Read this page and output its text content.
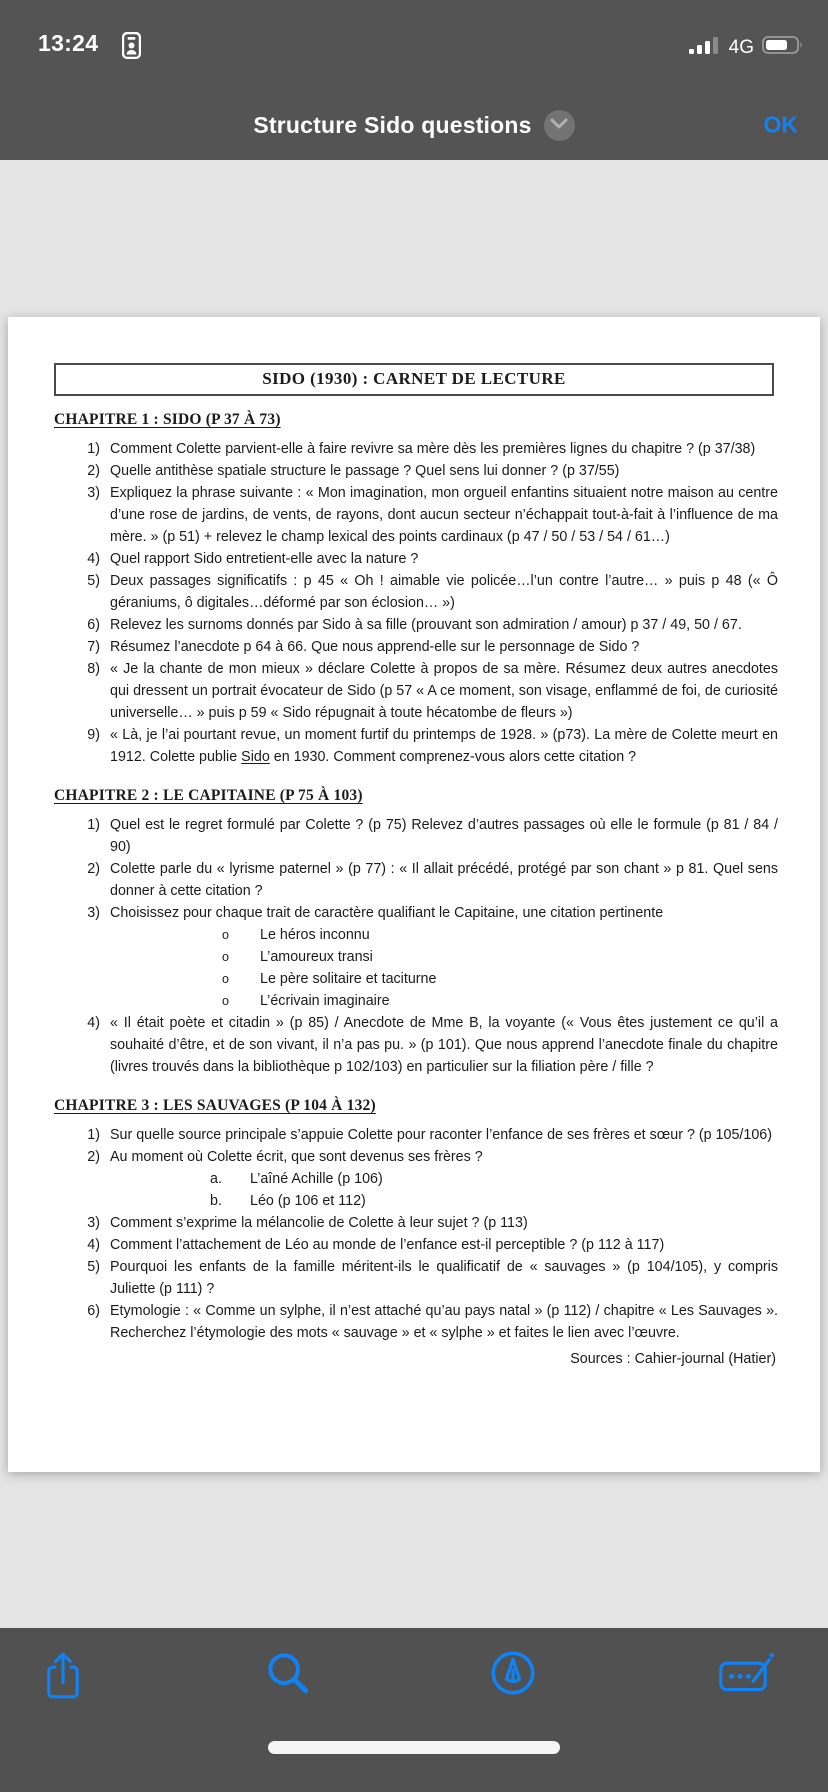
13:24	4G
Structure Sido questions	OK
SIDO (1930) : CARNET DE LECTURE
CHAPITRE 1 : SIDO (P 37 À 73)
1) Comment Colette parvient-elle à faire revivre sa mère dès les premières lignes du chapitre ? (p 37/38)
2) Quelle antithèse spatiale structure le passage ? Quel sens lui donner ? (p 37/55)
3) Expliquez la phrase suivante : « Mon imagination, mon orgueil enfantins situaient notre maison au centre d’une rose de jardins, de vents, de rayons, dont aucun secteur n’échappait tout-à-fait à l’influence de ma mère. » (p 51) + relevez le champ lexical des points cardinaux (p 47 / 50 / 53 / 54 / 61…)
4) Quel rapport Sido entretient-elle avec la nature ?
5) Deux passages significatifs : p 45 « Oh ! aimable vie policée…l’un contre l’autre… » puis p 48 (« Ô géraniums, ô digitales…déformé par son éclosion… »)
6) Relevez les surnoms donnés par Sido à sa fille (prouvant son admiration / amour) p 37 / 49, 50 / 67.
7) Résumez l’anecdote p 64 à 66. Que nous apprend-elle sur le personnage de Sido ?
8) « Je la chante de mon mieux » déclare Colette à propos de sa mère. Résumez deux autres anecdotes qui dressent un portrait évocateur de Sido (p 57 « A ce moment, son visage, enflammé de foi, de curiosité universelle… » puis p 59 « Sido répugnait à toute hécatombe de fleurs »)
9) « Là, je l’ai pourtant revue, un moment furtif du printemps de 1928. » (p73). La mère de Colette meurt en 1912. Colette publie Sido en 1930. Comment comprenez-vous alors cette citation ?
CHAPITRE 2 : LE CAPITAINE (P 75 À 103)
1) Quel est le regret formulé par Colette ? (p 75) Relevez d’autres passages où elle le formule (p 81 / 84 / 90)
2) Colette parle du « lyrisme paternel » (p 77) : « Il allait précédé, protégé par son chant » p 81. Quel sens donner à cette citation ?
3) Choisissez pour chaque trait de caractère qualifiant le Capitaine, une citation pertinente
o Le héros inconnu
o L’amoureux transi
o Le père solitaire et taciturne
o L’écrivain imaginaire
4) « Il était poète et citadin » (p 85) / Anecdote de Mme B, la voyante (« Vous êtes justement ce qu’il a souhaité d’être, et de son vivant, il n’a pas pu. » (p 101). Que nous apprend l’anecdote finale du chapitre (livres trouvés dans la bibliothèque p 102/103) en particulier sur la filiation père / fille ?
CHAPITRE 3 : LES SAUVAGES (P 104 À 132)
1) Sur quelle source principale s’appuie Colette pour raconter l’enfance de ses frères et sœur ? (p 105/106)
2) Au moment où Colette écrit, que sont devenus ses frères ?
a. L’aîné Achille (p 106)
b. Léo (p 106 et 112)
3) Comment s’exprime la mélancolie de Colette à leur sujet ? (p 113)
4) Comment l’attachement de Léo au monde de l’enfance est-il perceptible ? (p 112 à 117)
5) Pourquoi les enfants de la famille méritent-ils le qualificatif de « sauvages » (p 104/105), y compris Juliette (p 111) ?
6) Etymologie : « Comme un sylphe, il n’est attaché qu’au pays natal » (p 112) / chapitre « Les Sauvages ». Recherchez l’étymologie des mots « sauvage » et « sylphe » et faites le lien avec l’œuvre.
Sources : Cahier-journal (Hatier)
